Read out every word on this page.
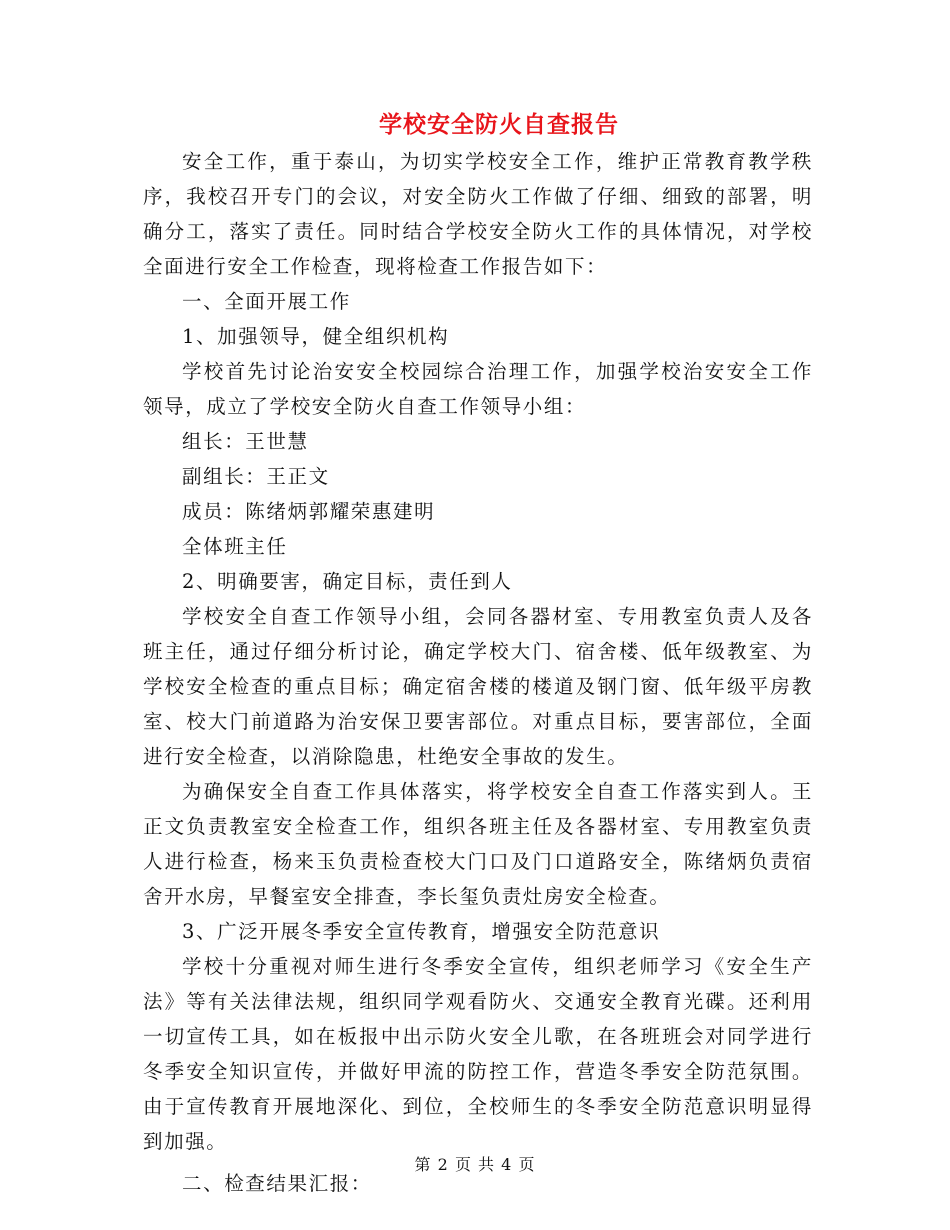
学校安全防火自查报告

安全工作，重于泰山，为切实学校安全工作，维护正常教育教学秩序，我校召开专门的会议，对安全防火工作做了仔细、细致的部署，明确分工，落实了责任。同时结合学校安全防火工作的具体情况，对学校全面进行安全工作检查，现将检查工作报告如下：

一、全面开展工作

1、加强领导，健全组织机构

学校首先讨论治安安全校园综合治理工作，加强学校治安安全工作领导，成立了学校安全防火自查工作领导小组：

组长：王世慧

副组长：王正文

成员：陈绪炳郭耀荣惠建明

全体班主任

2、明确要害，确定目标，责任到人

学校安全自查工作领导小组，会同各器材室、专用教室负责人及各班主任，通过仔细分析讨论，确定学校大门、宿舍楼、低年级教室、为学校安全检查的重点目标；确定宿舍楼的楼道及钢门窗、低年级平房教室、校大门前道路为治安保卫要害部位。对重点目标，要害部位，全面进行安全检查，以消除隐患，杜绝安全事故的发生。

为确保安全自查工作具体落实，将学校安全自查工作落实到人。王正文负责教室安全检查工作，组织各班主任及各器材室、专用教室负责人进行检查，杨来玉负责检查校大门口及门口道路安全，陈绪炳负责宿舍开水房，早餐室安全排查，李长玺负责灶房安全检查。

3、广泛开展冬季安全宣传教育，增强安全防范意识

学校十分重视对师生进行冬季安全宣传，组织老师学习《安全生产法》等有关法律法规，组织同学观看防火、交通安全教育光碟。还利用一切宣传工具，如在板报中出示防火安全儿歌，在各班班会对同学进行冬季安全知识宣传，并做好甲流的防控工作，营造冬季安全防范氛围。由于宣传教育开展地深化、到位，全校师生的冬季安全防范意识明显得到加强。

二、检查结果汇报：

第 2 页 共 4 页
